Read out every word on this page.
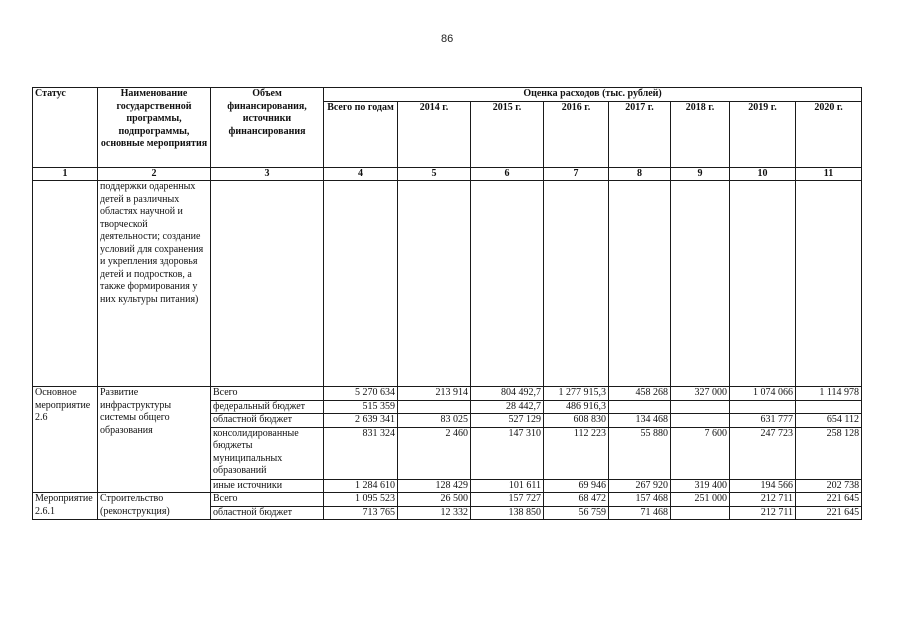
86
Статус	Наименование государственной программы, подпрограммы, основные мероприятия	Объем финансирования, источники финансирования	Оценка расходов (тыс. рублей)							
			Всего по годам	2014 г.	2015 г.	2016 г.	2017 г.	2018 г.	2019 г.	2020 г.
1	2	3	4	5	6	7	8	9	10	11
	поддержки одаренных детей в различных областях научной и творческой деятельности; создание условий для сохранения и укрепления здоровья детей и подростков, а также формирования у них культуры питания)									
Основное мероприятие 2.6	Развитие инфраструктуры системы общего образования	Всего	5 270 634	213 914	804 492,7	1 277 915,3	458 268	327 000	1 074 066	1 114 978
		федеральный бюджет	515 359		28 442,7	486 916,3				
		областной бюджет	2 639 341	83 025	527 129	608 830	134 468		631 777	654 112
		консолидированные бюджеты муниципальных образований	831 324	2 460	147 310	112 223	55 880	7 600	247 723	258 128
		иные источники	1 284 610	128 429	101 611	69 946	267 920	319 400	194 566	202 738
Мероприятие 2.6.1	Строительство (реконструкция)	Всего	1 095 523	26 500	157 727	68 472	157 468	251 000	212 711	221 645
		областной бюджет	713 765	12 332	138 850	56 759	71 468		212 711	221 645
